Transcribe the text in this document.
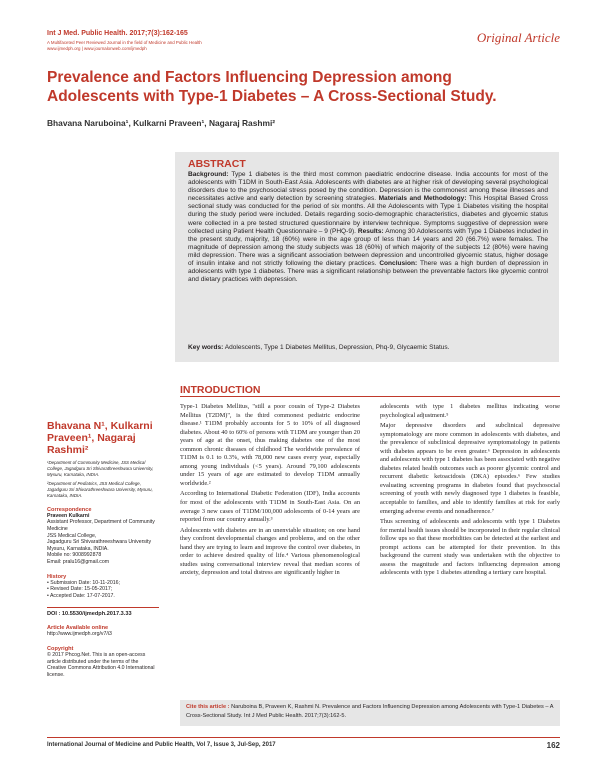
Int J Med. Public Health. 2017;7(3):162-165
A Multifaceted Peer Reviewed Journal in the field of Medicine and Public Health
www.ijmedph.org | www.journalonweb.com/ijmedph
Original Article
Prevalence and Factors Influencing Depression among Adolescents with Type-1 Diabetes – A Cross-Sectional Study.
Bhavana Naruboina¹, Kulkarni Praveen¹, Nagaraj Rashmi²
ABSTRACT
Background: Type 1 diabetes is the third most common paediatric endocrine disease. India accounts for most of the adolescents with T1DM in South-East Asia. Adolescents with diabetes are at higher risk of developing several psychological disorders due to the psychosocial stress posed by the condition. Depression is the commonest among these illnesses and necessitates active and early detection by screening strategies. Materials and Methodology: This Hospital Based Cross sectional study was conducted for the period of six months. All the Adolescents with Type 1 Diabetes visiting the hospital during the study period were included. Details regarding socio-demographic characteristics, diabetes and glycemic status were collected in a pre tested structured questionnaire by interview technique. Symptoms suggestive of depression were collected using Patient Health Questionnaire – 9 (PHQ-9). Results: Among 30 Adolescents with Type 1 Diabetes included in the present study, majority, 18 (60%) were in the age group of less than 14 years and 20 (66.7%) were females. The magnitude of depression among the study subjects was 18 (60%) of which majority of the subjects 12 (80%) were having mild depression. There was a significant association between depression and uncontrolled glycemic status, higher dosage of insulin intake and not strictly following the dietary practices. Conclusion: There was a high burden of depression in adolescents with type 1 diabetes. There was a significant relationship between the preventable factors like glycemic control and dietary practices with depression.
Key words: Adolescents, Type 1 Diabetes Mellitus, Depression, Phq-9, Glycaemic Status.
INTRODUCTION

Type-1 Diabetes Mellitus, "still a poor cousin of Type-2 Diabetes Mellitus (T2DM)", is the third commonest pediatric endocrine disease.¹ T1DM probably accounts for 5 to 10% of all diagnosed diabetes. About 40 to 60% of persons with T1DM are younger than 20 years of age at the onset, thus making diabetes one of the most common chronic diseases of childhood The worldwide prevalence of T1DM is 0.1 to 0.3%, with 78,000 new cases every year, especially among young individuals (<5 years). Around 79,100 adolescents under 15 years of age are estimated to develop T1DM annually worldwide.²

According to International Diabetic Federation (IDF), India accounts for most of the adolescents with T1DM in South-East Asia. On an average 3 new cases of T1DM/100,000 adolescents of 0-14 years are reported from our country annually.³

Adolescents with diabetes are in an unenviable situation; on one hand they confront developmental changes and problems, and on the other hand they are trying to learn and improve the control over diabetes, in order to achieve desired quality of life.⁴ Various phenomenological studies using conversational interview reveal that median scores of anxiety, depression and total distress are significantly higher in

adolescents with type 1 diabetes mellitus indicating worse psychological adjustment.⁵

Major depressive disorders and subclinical depressive symptomatology are more common in adolescents with diabetes, and the prevalence of subclinical depressive symptomatology in patients with diabetes appears to be even greater.⁶ Depression in adolescents and adolescents with type 1 diabetes has been associated with negative diabetes related health outcomes such as poorer glycemic control and recurrent diabetic ketoacidosis (DKA) episodes.⁶ Few studies evaluating screening programs in diabetes found that psychosocial screening of youth with newly diagnosed type 1 diabetes is feasible, acceptable to families, and able to identify families at risk for early emerging adverse events and nonadherence.⁷

Thus screening of adolescents and adolescents with type 1 Diabetes for mental health issues should be incorporated in their regular clinical follow ups so that these morbidities can be detected at the earliest and prompt actions can be attempted for their prevention. In this background the current study was undertaken with the objective to assess the magnitude and factors influencing depression among adolescents with type 1 diabetes attending a tertiary care hospital.

Bhavana N¹, Kulkarni Praveen¹, Nagaraj Rashmi²
¹Department of Community Medicine, JSS Medical College, Jagadguru Sri Shivarathreeshwara University, Mysuru, Karnataka, INDIA.
²Department of Pediatrics, JSS Medical College, Jagadguru Sri Shivarathreeshwara University, Mysuru, Karnataka, INDIA.
Correspondence
Praveen Kulkarni
Assistant Professor, Department of Community Medicine
JSS Medical College,
Jagadguru Sri Shivarathreeshwara University Mysuru, Karnataka, INDIA.
Mobile no: 9008992878
Email: pralu16@gmail.com
History
• Submission Date: 10-11-2016;
• Revised Date: 15-05-2017;
• Accepted Date: 17-07-2017.
DOI : 10.5530/ijmedph.2017.3.33
Article Available online
http://www.ijmedph.org/v7/i3
Copyright
© 2017 Phcog.Net. This is an open-access article distributed under the terms of the Creative Commons Attribution 4.0 International license.
Cite this article : Naruboina B, Praveen K, Rashmi N. Prevalence and Factors Influencing Depression among Adolescents with Type-1 Diabetes – A Cross-Sectional Study. Int J Med Public Health. 2017;7(3):162-5.
International Journal of Medicine and Public Health, Vol 7, Issue 3, Jul-Sep, 2017	162
